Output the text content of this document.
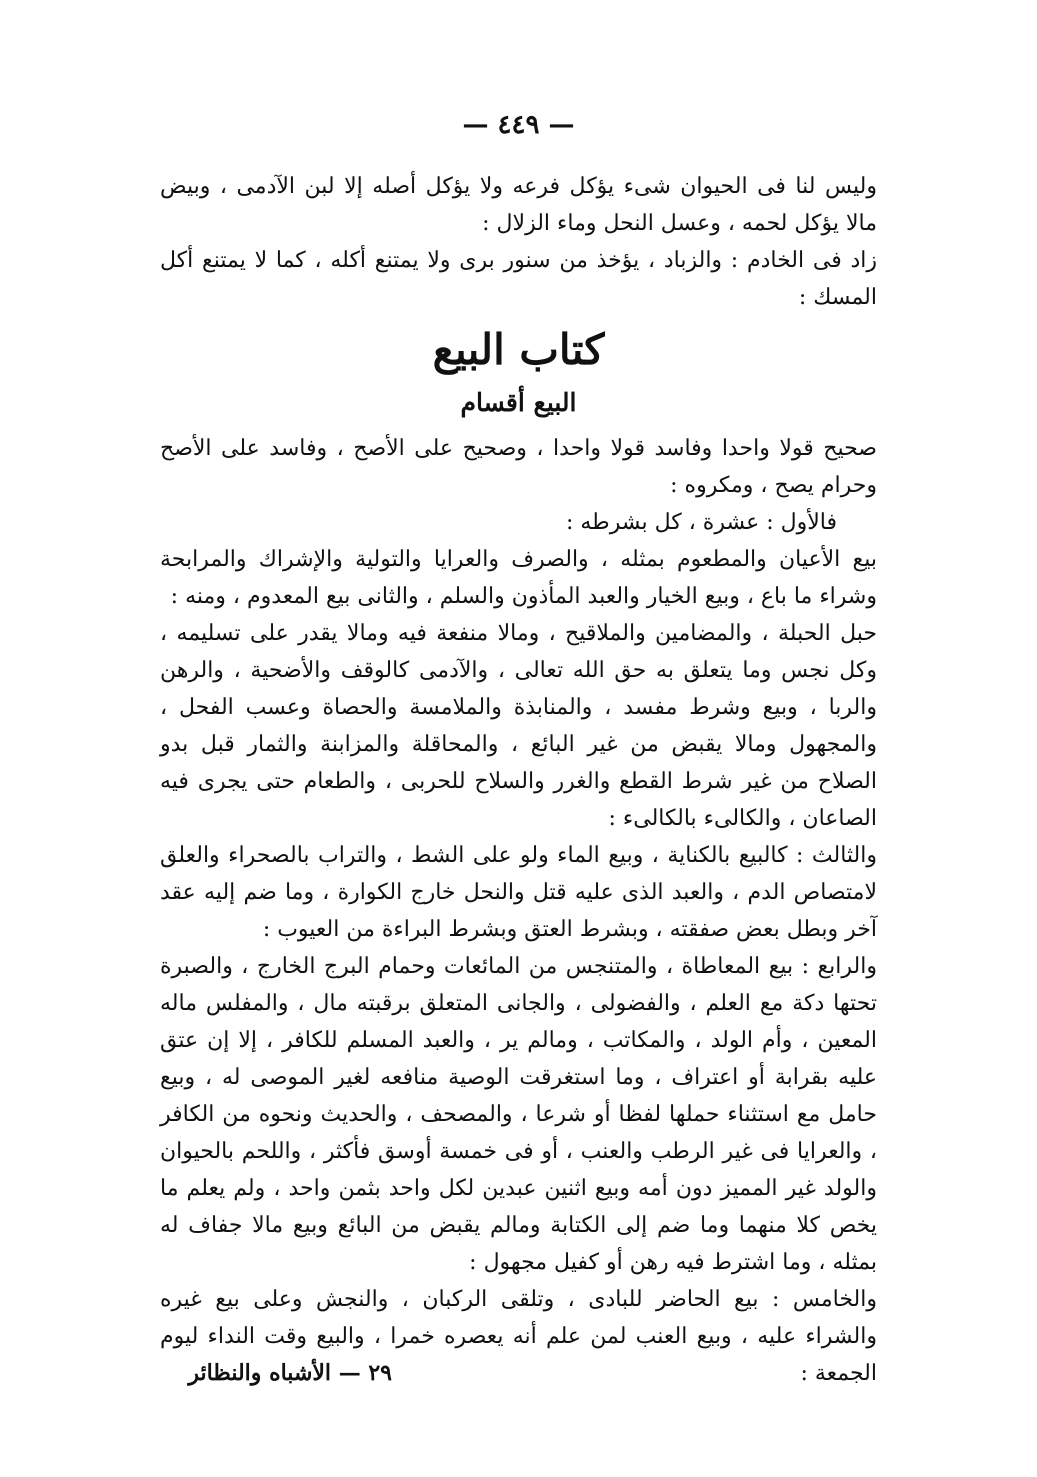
— ٤٤٩ —

وليس لنا فى الحيوان شىء يؤكل فرعه ولا يؤكل أصله إلا لبن الآدمى ، وبيض مالا يؤكل لحمه ، وعسل النحل وماء الزلال :

زاد فى الخادم : والزباد ، يؤخذ من سنور برى ولا يمتنع أكله ، كما لا يمتنع أكل المسك :

كتاب البيع
البيع أقسام

صحيح قولا واحدا وفاسد قولا واحدا ، وصحيح على الأصح ، وفاسد على الأصح وحرام يصح ، ومكروه :

فالأول : عشرة ، كل بشرطه :

بيع الأعيان والمطعوم بمثله ، والصرف والعرايا والتولية والإشراك والمرابحة وشراء ما باع ، وبيع الخيار والعبد المأذون والسلم ، والثانى بيع المعدوم ، ومنه :

حبل الحبلة ، والمضامين والملاقيح ، ومالا منفعة فيه ومالا يقدر على تسليمه ، وكل نجس وما يتعلق به حق الله تعالى ، والآدمى كالوقف والأضحية ، والرهن والربا ، وبيع وشرط مفسد ، والمنابذة والملامسة والحصاة وعسب الفحل ، والمجهول ومالا يقبض من غير البائع ، والمحاقلة والمزابنة والثمار قبل بدو الصلاح من غير شرط القطع والغرر والسلاح للحربى ، والطعام حتى يجرى فيه الصاعان ، والكالىء بالكالىء :

والثالث : كالبيع بالكناية ، وبيع الماء ولو على الشط ، والتراب بالصحراء والعلق لامتصاص الدم ، والعبد الذى عليه قتل والنحل خارج الكوارة ، وما ضم إليه عقد آخر وبطل بعض صفقته ، وبشرط العتق وبشرط البراءة من العيوب :

والرابع : بيع المعاطاة ، والمتنجس من المائعات وحمام البرج الخارج ، والصبرة تحتها دكة مع العلم ، والفضولى ، والجانى المتعلق برقبته مال ، والمفلس ماله المعين ، وأم الولد ، والمكاتب ، ومالم ير ، والعبد المسلم للكافر ، إلا إن عتق عليه بقرابة أو اعتراف ، وما استغرقت الوصية منافعه لغير الموصى له ، وبيع حامل مع استثناء حملها لفظا أو شرعا ، والمصحف ، والحديث ونحوه من الكافر ، والعرايا فى غير الرطب والعنب ، أو فى خمسة أوسق فأكثر ، واللحم بالحيوان والولد غير المميز دون أمه وبيع اثنين عبدين لكل واحد بثمن واحد ، ولم يعلم ما يخص كلا منهما وما ضم إلى الكتابة ومالم يقبض من البائع وبيع مالا جفاف له بمثله ، وما اشترط فيه رهن أو كفيل مجهول :

والخامس : بيع الحاضر للبادى ، وتلقى الركبان ، والنجش وعلى بيع غيره والشراء عليه ، وبيع العنب لمن علم أنه يعصره خمرا ، والبيع وقت النداء ليوم الجمعة :

٢٩ — الأشباه والنظائر
